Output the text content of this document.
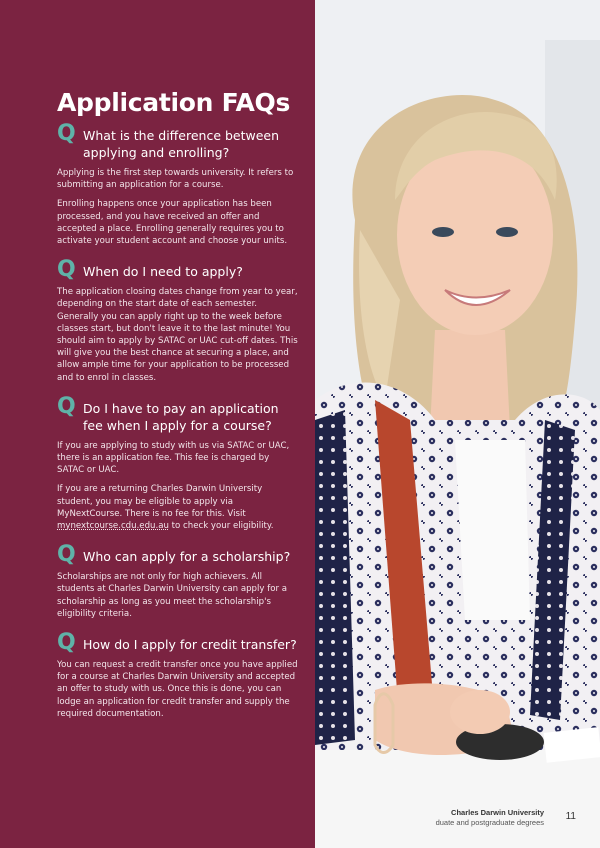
Application FAQs
Q What is the difference between applying and enrolling?

Applying is the first step towards university. It refers to submitting an application for a course.

Enrolling happens once your application has been processed, and you have received an offer and accepted a place. Enrolling generally requires you to activate your student account and choose your units.

Q When do I need to apply?

The application closing dates change from year to year, depending on the start date of each semester. Generally you can apply right up to the week before classes start, but don't leave it to the last minute! You should aim to apply by SATAC or UAC cut-off dates. This will give you the best chance at securing a place, and allow ample time for your application to be processed and to enrol in classes.

Q Do I have to pay an application fee when I apply for a course?

If you are applying to study with us via SATAC or UAC, there is an application fee. This fee is charged by SATAC or UAC.

If you are a returning Charles Darwin University student, you may be eligible to apply via MyNextCourse. There is no fee for this. Visit mynextcourse.cdu.edu.au to check your eligibility.

Q Who can apply for a scholarship?

Scholarships are not only for high achievers. All students at Charles Darwin University can apply for a scholarship as long as you meet the scholarship's eligibility criteria.

Q How do I apply for credit transfer?

You can request a credit transfer once you have applied for a course at Charles Darwin University and accepted an offer to study with us. Once this is done, you can lodge an application for credit transfer and supply the required documentation.

Charles Darwin University
duate and postgraduate degrees
11
